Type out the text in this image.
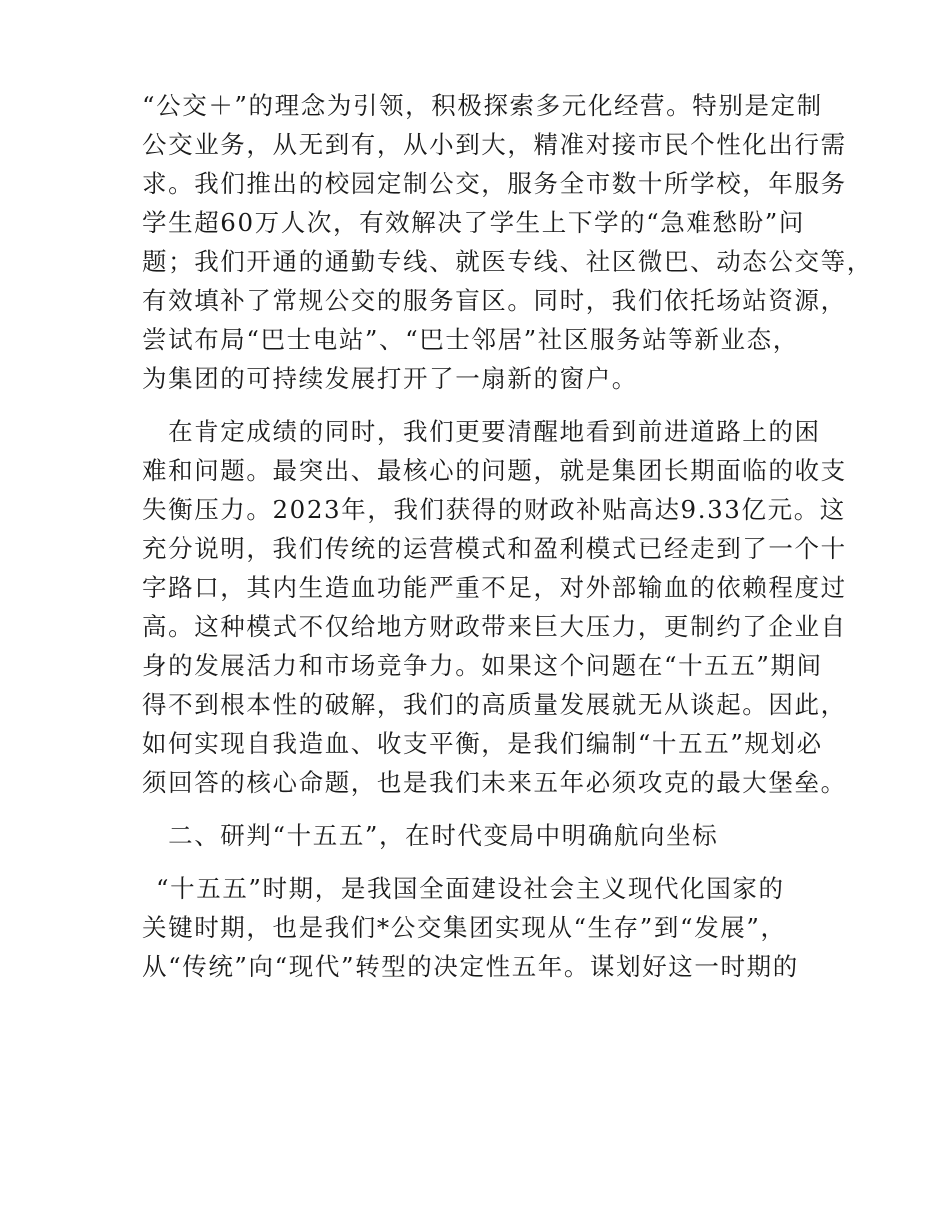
“公交＋”的理念为引领，积极探索多元化经营。特别是定制
公交业务，从无到有，从小到大，精准对接市民个性化出行需
求。我们推出的校园定制公交，服务全市数十所学校，年服务
学生超60万人次，有效解决了学生上下学的“急难愁盼”问
题；我们开通的通勤专线、就医专线、社区微巴、动态公交等，
有效填补了常规公交的服务盲区。同时，我们依托场站资源，
尝试布局“巴士电站”、“巴士邻居”社区服务站等新业态，
为集团的可持续发展打开了一扇新的窗户。
　在肯定成绩的同时，我们更要清醒地看到前进道路上的困
难和问题。最突出、最核心的问题，就是集团长期面临的收支
失衡压力。2023年，我们获得的财政补贴高达9.33亿元。这
充分说明，我们传统的运营模式和盈利模式已经走到了一个十
字路口，其内生造血功能严重不足，对外部输血的依赖程度过
高。这种模式不仅给地方财政带来巨大压力，更制约了企业自
身的发展活力和市场竞争力。如果这个问题在“十五五”期间
得不到根本性的破解，我们的高质量发展就无从谈起。因此，
如何实现自我造血、收支平衡，是我们编制“十五五”规划必
须回答的核心命题，也是我们未来五年必须攻克的最大堡垒。
　二、研判“十五五”，在时代变局中明确航向坐标
“十五五”时期，是我国全面建设社会主义现代化国家的
关键时期，也是我们*公交集团实现从“生存”到“发展”，
从“传统”向“现代”转型的决定性五年。谋划好这一时期的
